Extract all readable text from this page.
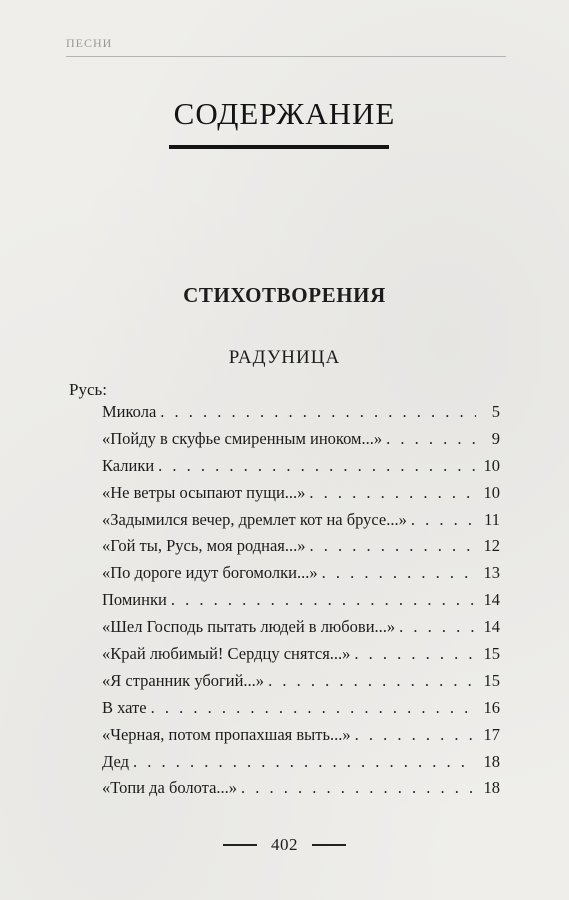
ПЕСНИ
СОДЕРЖАНИЕ
СТИХОТВОРЕНИЯ
РАДУНИЦА
Русь:
Микола . . .	5
«Пойду в скуфье смиренным иноком...» . . .	9
Калики . . .	10
«Не ветры осыпают пущи...» . . .	10
«Задымился вечер, дремлет кот на брусе...» . . .	11
«Гой ты, Русь, моя родная...» . . .	12
«По дороге идут богомолки...» . . .	13
Поминки . . .	14
«Шел Господь пытать людей в любови...» . . .	14
«Край любимый! Сердцу снятся...» . . .	15
«Я странник убогий...» . . .	15
В хате . . .	16
«Черная, потом пропахшая выть...» . . .	17
Дед . . .	18
«Топи да болота...» . . .	18
402
